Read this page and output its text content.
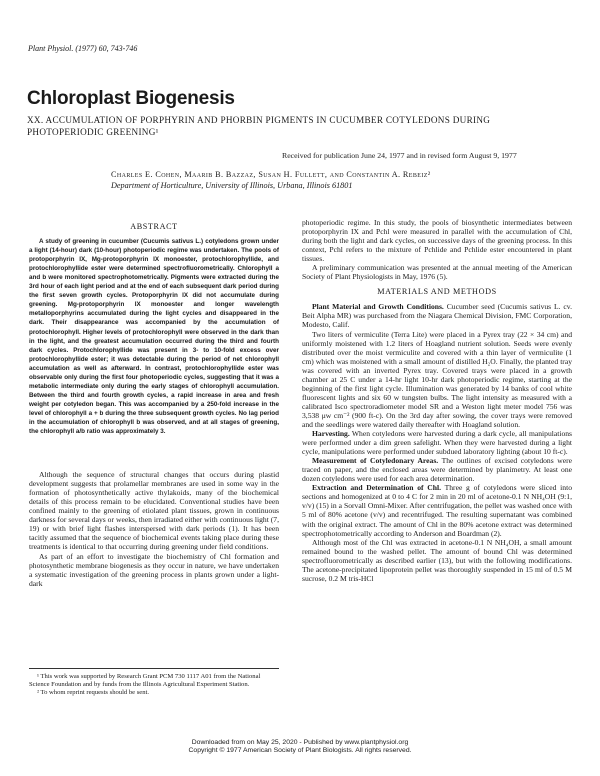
Plant Physiol. (1977) 60, 743-746
Chloroplast Biogenesis
XX. ACCUMULATION OF PORPHYRIN AND PHORBIN PIGMENTS IN CUCUMBER COTYLEDONS DURING PHOTOPERIODIC GREENING¹
Received for publication June 24, 1977 and in revised form August 9, 1977
Charles E. Cohen, Maarib B. Bazzaz, Susan H. Fullett, and Constantin A. Rebeiz²
Department of Horticulture, University of Illinois, Urbana, Illinois 61801
ABSTRACT

A study of greening in cucumber (Cucumis sativus L.) cotyledons grown under a light (14-hour) dark (10-hour) photoperiodic regime was undertaken. The pools of protoporphyrin IX, Mg-protoporphyrin IX monoester, protochlorophyllide, and protochlorophyllide ester were determined spectrofluorometrically. Chlorophyll a and b were monitored spectrophotometrically. Pigments were extracted during the 3rd hour of each light period and at the end of each subsequent dark period during the first seven growth cycles. Protoporphyrin IX did not accumulate during greening. Mg-protoporphyrin IX monoester and longer wavelength metalloporphyrins accumulated during the light cycles and disappeared in the dark. Their disappearance was accompanied by the accumulation of protochlorophyll. Higher levels of protochlorophyll were observed in the dark than in the light, and the greatest accumulation occurred during the third and fourth dark cycles. Protochlorophyllide was present in 3- to 10-fold excess over protochlorophyllide ester; it was detectable during the period of net chlorophyll accumulation as well as afterward. In contrast, protochlorophyllide ester was observable only during the first four photoperiodic cycles, suggesting that it was a metabolic intermediate only during the early stages of chlorophyll accumulation. Between the third and fourth growth cycles, a rapid increase in area and fresh weight per cotyledon began. This was accompanied by a 250-fold increase in the level of chlorophyll a + b during the three subsequent growth cycles. No lag period in the accumulation of chlorophyll b was observed, and at all stages of greening, the chlorophyll a/b ratio was approximately 3.

Although the sequence of structural changes that occurs during plastid development suggests that prolamellar membranes are used in some way in the formation of photosynthetically active thylakoids, many of the biochemical details of this process remain to be elucidated. Conventional studies have been confined mainly to the greening of etiolated plant tissues, grown in continuous darkness for several days or weeks, then irradiated either with continuous light (7, 19) or with brief light flashes interspersed with dark periods (1). It has been tacitly assumed that the sequence of biochemical events taking place during these treatments is identical to that occurring during greening under field conditions.

As part of an effort to investigate the biochemistry of Chl formation and photosynthetic membrane biogenesis as they occur in nature, we have undertaken a systematic investigation of the greening process in plants grown under a light-dark

¹ This work was supported by Research Grant PCM 730 1117 A01 from the National Science Foundation and by funds from the Illinois Agricultural Experiment Station.

² To whom reprint requests should be sent.

photoperiodic regime. In this study, the pools of biosynthetic intermediates between protoporphyrin IX and Pchl were measured in parallel with the accumulation of Chl, during both the light and dark cycles, on successive days of the greening process. In this context, Pchl refers to the mixture of Pchlide and Pchlide ester encountered in plant tissues.

A preliminary communication was presented at the annual meeting of the American Society of Plant Physiologists in May, 1976 (5).

MATERIALS AND METHODS

Plant Material and Growth Conditions. Cucumber seed (Cucumis sativus L. cv. Beit Alpha MR) was purchased from the Niagara Chemical Division, FMC Corporation, Modesto, Calif.

Two liters of vermiculite (Terra Lite) were placed in a Pyrex tray (22 × 34 cm) and uniformly moistened with 1.2 liters of Hoagland nutrient solution. Seeds were evenly distributed over the moist vermiculite and covered with a thin layer of vermiculite (1 cm) which was moistened with a small amount of distilled H₂O. Finally, the planted tray was covered with an inverted Pyrex tray. Covered trays were placed in a growth chamber at 25 C under a 14-hr light 10-hr dark photoperiodic regime, starting at the beginning of the first light cycle. Illumination was generated by 14 banks of cool white fluorescent lights and six 60 w tungsten bulbs. The light intensity as measured with a calibrated Isco spectroradiometer model SR and a Weston light meter model 756 was 3,538 μw cm⁻² (900 ft-c). On the 3rd day after sowing, the cover trays were removed and the seedlings were watered daily thereafter with Hoagland solution.

Harvesting. When cotyledons were harvested during a dark cycle, all manipulations were performed under a dim green safelight. When they were harvested during a light cycle, manipulations were performed under subdued laboratory lighting (about 10 ft-c).

Measurement of Cotyledonary Areas. The outlines of excised cotyledons were traced on paper, and the enclosed areas were determined by planimetry. At least one dozen cotyledons were used for each area determination.

Extraction and Determination of Chl. Three g of cotyledons were sliced into sections and homogenized at 0 to 4 C for 2 min in 20 ml of acetone-0.1 N NH₄OH (9:1, v/v) (15) in a Sorvall Omni-Mixer. After centrifugation, the pellet was washed once with 5 ml of 80% acetone (v/v) and recentrifuged. The resulting supernatant was combined with the original extract. The amount of Chl in the 80% acetone extract was determined spectrophotometrically according to Anderson and Boardman (2).

Although most of the Chl was extracted in acetone-0.1 N NH₄OH, a small amount remained bound to the washed pellet. The amount of bound Chl was determined spectrofluorometrically as described earlier (13), but with the following modifications. The acetone-precipitated lipoprotein pellet was thoroughly suspended in 15 ml of 0.5 M sucrose, 0.2 M tris-HCl

Downloaded from on May 25, 2020 - Published by www.plantphysiol.org
Copyright © 1977 American Society of Plant Biologists. All rights reserved.
